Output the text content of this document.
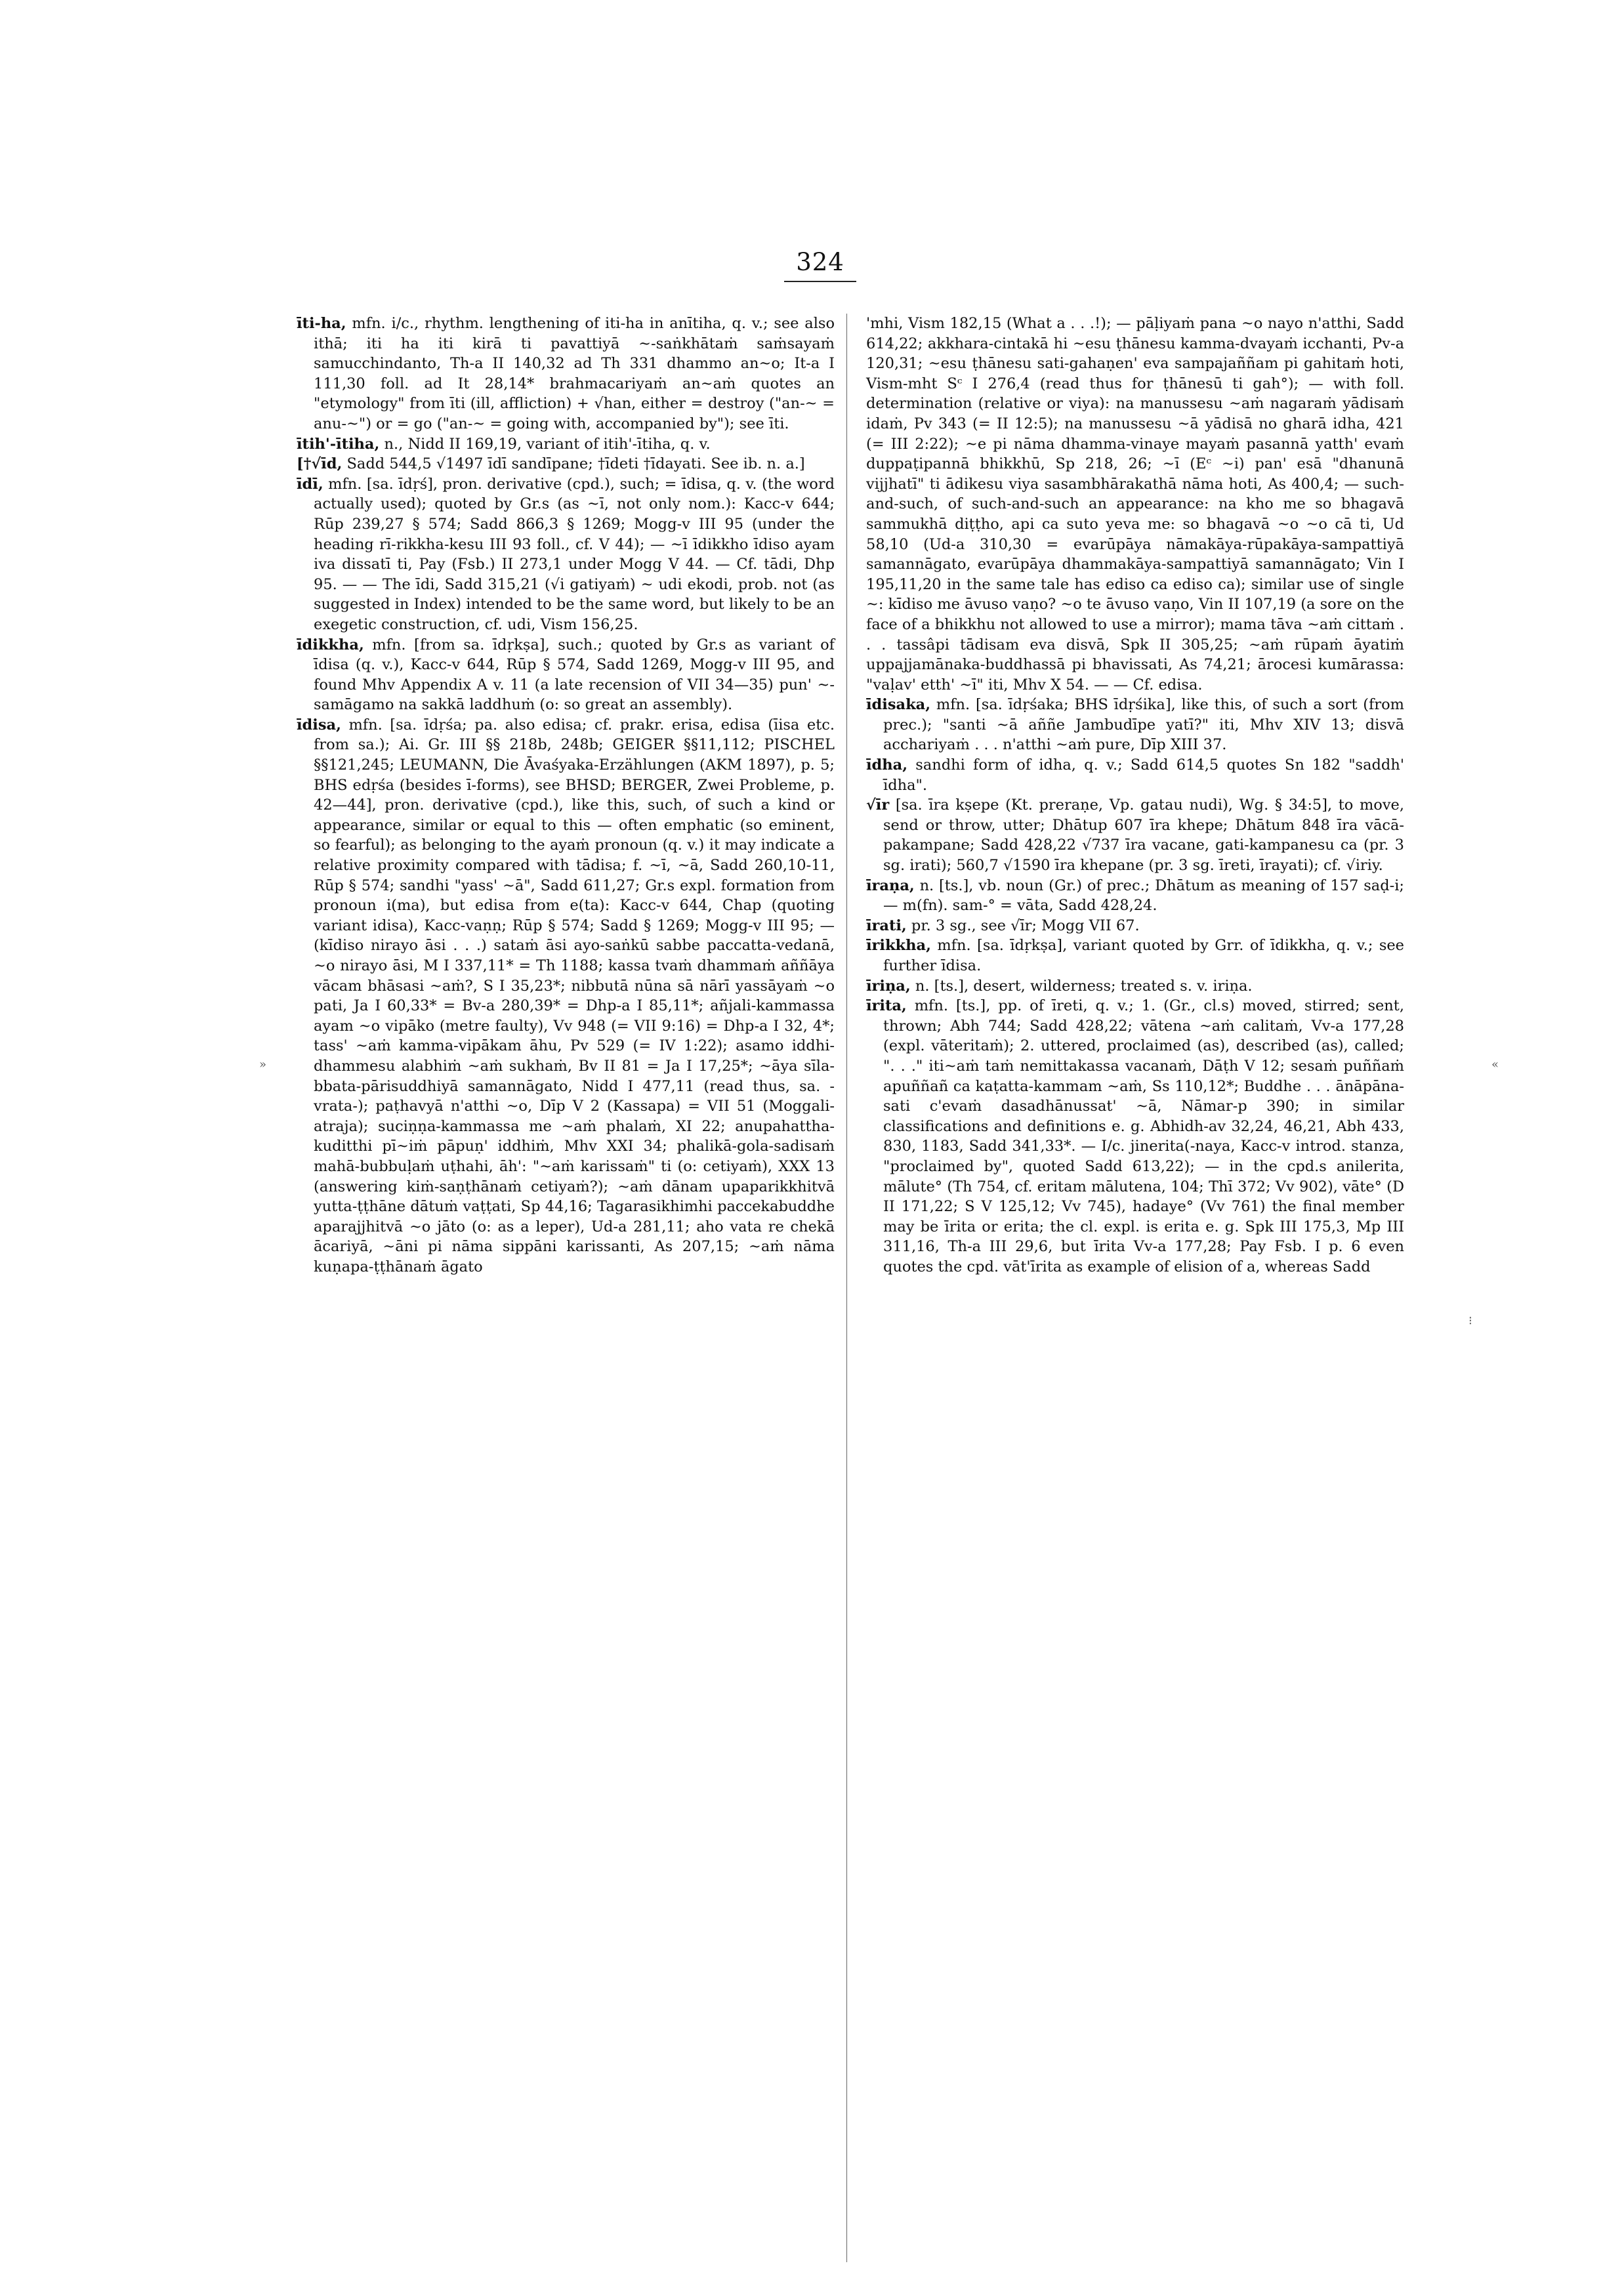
324

īti-ha, mfn. i/c., rhythm. lengthening of iti-ha in anītiha, q. v.; see also ithā; iti ha iti kirā ti pavattiyā ~-saṅkhātaṁ saṁsayaṁ samucchindanto, Th-a II 140,32 ad Th 331 dhammo an~o; It-a I 111,30 foll. ad It 28,14* brahmacariyaṁ an~aṁ quotes an "etymology" from īti (ill, affliction) + √han, either = destroy ("an-~ = anu-~") or = go ("an-~ = going with, accompanied by"); see īti.

ītih'-ītiha, n., Nidd II 169,19, variant of itih'-ītiha, q. v.

[†√īd, Sadd 544,5 √1497 īdī sandīpane; †īdeti †īdayati. See ib. n. a.]

īdī, mfn. [sa. īdṛś], pron. derivative (cpd.), such; = īdisa, q. v. (the word actually used); quoted by Gr.s (as ~ī, not only nom.): Kacc-v 644; Rūp 239,27 § 574; Sadd 866,3 § 1269; Mogg-v III 95 (under the heading rī-rikkha-kesu III 93 foll., cf. V 44); — ~ī īdikkho īdiso ayam iva dissatī ti, Pay (Fsb.) II 273,1 under Mogg V 44. — Cf. tādi, Dhp 95. — — The īdi, Sadd 315,21 (√i gatiyaṁ) ~ udi ekodi, prob. not (as suggested in Index) intended to be the same word, but likely to be an exegetic construction, cf. udi, Vism 156,25.

īdikkha, mfn. [from sa. īdṛkṣa], such.; quoted by Gr.s as variant of īdisa (q. v.), Kacc-v 644, Rūp § 574, Sadd 1269, Mogg-v III 95, and found Mhv Appendix A v. 11 (a late recension of VII 34—35) pun' ~-samāgamo na sakkā laddhuṁ (o: so great an assembly).

īdisa, mfn. [sa. īdṛśa; pa. also edisa; cf. prakr. erisa, edisa (īisa etc. from sa.); Ai. Gr. III §§ 218b, 248b; GEIGER §§11,112; PISCHEL §§121,245; LEUMANN, Die Āvaśyaka-Erzählungen (AKM 1897), p. 5; BHS edṛśa (besides ī-forms), see BHSD; BERGER, Zwei Probleme, p. 42—44], pron. derivative (cpd.), like this, such, of such a kind or appearance, similar or equal to this — often emphatic (so eminent, so fearful); as belonging to the ayaṁ pronoun (q. v.) it may indicate a relative proximity compared with tādisa; f. ~ī, ~ā, Sadd 260,10-11, Rūp § 574; sandhi "yass' ~ā", Sadd 611,27; Gr.s expl. formation from pronoun i(ma), but edisa from e(ta): Kacc-v 644, Chap (quoting variant idisa), Kacc-vaṇṇ; Rūp § 574; Sadd § 1269; Mogg-v III 95; — (kīdiso nirayo āsi . . .) sataṁ āsi ayo-saṅkū sabbe paccatta-vedanā, ~o nirayo āsi, M I 337,11* = Th 1188; kassa tvaṁ dhammaṁ aññāya vācam bhāsasi ~aṁ?, S I 35,23*; nibbutā nūna sā nārī yassāyaṁ ~o pati, Ja I 60,33* = Bv-a 280,39* = Dhp-a I 85,11*; añjali-kammassa ayam ~o vipāko (metre faulty), Vv 948 (= VII 9:16) = Dhp-a I 32, 4*; tass' ~aṁ kamma-vipākam āhu, Pv 529 (= IV 1:22); asamo iddhi-dhammesu alabhiṁ ~aṁ sukhaṁ, Bv II 81 = Ja I 17,25*; ~āya sīla-bbata-pārisuddhiyā samannāgato, Nidd I 477,11 (read thus, sa. -vrata-); paṭhavyā n'atthi ~o, Dīp V 2 (Kassapa) = VII 51 (Moggali-atraja); suciṇṇa-kammassa me ~aṁ phalaṁ, XI 22; anupahattha-kuditthi pī~iṁ pāpuṇ' iddhiṁ, Mhv XXI 34; phalikā-gola-sadisaṁ mahā-bubbuḷaṁ uṭhahi, āh': "~aṁ karissaṁ" ti (o: cetiyaṁ), XXX 13 (answering kiṁ-saṇṭhānaṁ cetiyaṁ?); ~aṁ dānam upaparikkhitvā yutta-ṭṭhāne dātuṁ vaṭṭati, Sp 44,16; Tagarasikhimhi paccekabuddhe aparajjhitvā ~o jāto (o: as a leper), Ud-a 281,11; aho vata re chekā ācariyā, ~āni pi nāma sippāni karissanti, As 207,15; ~aṁ nāma kuṇapa-ṭṭhānaṁ āgato

'mhi, Vism 182,15 (What a . . .!); — pāḷiyaṁ pana ~o nayo n'atthi, Sadd 614,22; akkhara-cintakā hi ~esu ṭhānesu kamma-dvayaṁ icchanti, Pv-a 120,31; ~esu ṭhānesu sati-gahaṇen' eva sampajaññam pi gahitaṁ hoti, Vism-mht Sᶜ I 276,4 (read thus for ṭhānesū ti gah°); — with foll. determination (relative or viya): na manussesu ~aṁ nagaraṁ yādisaṁ idaṁ, Pv 343 (= II 12:5); na manussesu ~ā yādisā no gharā idha, 421 (= III 2:22); ~e pi nāma dhamma-vinaye mayaṁ pasannā yatth' evaṁ duppaṭipannā bhikkhū, Sp 218, 26; ~ī (Eᶜ ~i) pan' esā "dhanunā vijjhatī" ti ādikesu viya sasambhārakathā nāma hoti, As 400,4; — such-and-such, of such-and-such an appearance: na kho me so bhagavā sammukhā diṭṭho, api ca suto yeva me: so bhagavā ~o ~o cā ti, Ud 58,10 (Ud-a 310,30 = evarūpāya nāmakāya-rūpakāya-sampattiyā samannāgato, evarūpāya dhammakāya-sampattiyā samannāgato; Vin I 195,11,20 in the same tale has ediso ca ediso ca); similar use of single ~: kīdiso me āvuso vaṇo? ~o te āvuso vaṇo, Vin II 107,19 (a sore on the face of a bhikkhu not allowed to use a mirror); mama tāva ~aṁ cittaṁ . . . tassâpi tādisam eva disvā, Spk II 305,25; ~aṁ rūpaṁ āyatiṁ uppajjamānaka-buddhassā pi bhavissati, As 74,21; ārocesi kumārassa: "vaḷav' etth' ~ī" iti, Mhv X 54. — — Cf. edisa.

īdisaka, mfn. [sa. īdṛśaka; BHS īdṛśika], like this, of such a sort (from prec.); "santi ~ā aññe Jambudīpe yatī?" iti, Mhv XIV 13; disvā acchariyaṁ . . . n'atthi ~aṁ pure, Dīp XIII 37.

īdha, sandhi form of idha, q. v.; Sadd 614,5 quotes Sn 182 "saddh' īdha".

√īr [sa. īra kṣepe (Kt. preraṇe, Vp. gatau nudi), Wg. § 34:5], to move, send or throw, utter; Dhātup 607 īra khepe; Dhātum 848 īra vācā-pakampane; Sadd 428,22 √737 īra vacane, gati-kampanesu ca (pr. 3 sg. irati); 560,7 √1590 īra khepane (pr. 3 sg. īreti, īrayati); cf. √iriy.

īraṇa, n. [ts.], vb. noun (Gr.) of prec.; Dhātum as meaning of 157 saḍ-i; — m(fn). sam-° = vāta, Sadd 428,24.

īrati, pr. 3 sg., see √īr; Mogg VII 67.

īrikkha, mfn. [sa. īdṛkṣa], variant quoted by Grr. of īdikkha, q. v.; see further īdisa.

īriṇa, n. [ts.], desert, wilderness; treated s. v. iriṇa.

īrita, mfn. [ts.], pp. of īreti, q. v.; 1. (Gr., cl.s) moved, stirred; sent, thrown; Abh 744; Sadd 428,22; vātena ~aṁ calitaṁ, Vv-a 177,28 (expl. vāteritaṁ); 2. uttered, proclaimed (as), described (as), called; ". . ." iti~aṁ taṁ nemittakassa vacanaṁ, Dāṭh V 12; sesaṁ puññaṁ apuññañ ca kaṭatta-kammam ~aṁ, Ss 110,12*; Buddhe . . . ānāpāna-sati c'evaṁ dasadhānussat' ~ā, Nāmar-p 390; in similar classifications and definitions e. g. Abhidh-av 32,24, 46,21, Abh 433, 830, 1183, Sadd 341,33*. — I/c. jinerita(-naya, Kacc-v introd. stanza, "proclaimed by", quoted Sadd 613,22); — in the cpd.s anilerita, mālute° (Th 754, cf. eritam mālutena, 104; Thī 372; Vv 902), vāte° (D II 171,22; S V 125,12; Vv 745), hadaye° (Vv 761) the final member may be īrita or erita; the cl. expl. is erita e. g. Spk III 175,3, Mp III 311,16, Th-a III 29,6, but īrita Vv-a 177,28; Pay Fsb. I p. 6 even quotes the cpd. vāt'īrita as example of elision of a, whereas Sadd

»	«
⁝
